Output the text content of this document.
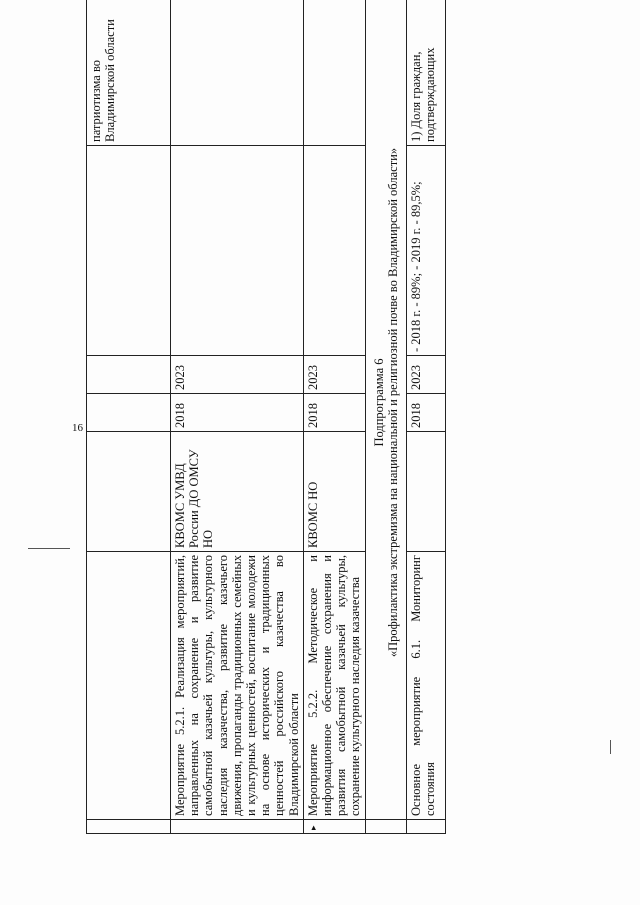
16
						патриотизма во Владимирской области
	Мероприятие 5.2.1. Реализация мероприятий, направленных на сохранение и развитие самобытной казачьей культуры, культурного наследия казачества, развитие казачьего движения, пропаганды традиционных семейных и культурных ценностей, воспитание молодежи на основе исторических и традиционных ценностей российского казачества во Владимирской области	КВОМС УМВД России ДО ОМСУ НО	2018	2023		
▸	Мероприятие 5.2.2. Методическое и информационное обеспечение сохранения и развития самобытной казачьей культуры, сохранение культурного наследия казачества	КВОМС НО	2018	2023		

	Подпрограмма 6 «Профилактика экстремизма на национальной и религиозной почве во Владимирской области»					

	Основное мероприятие 6.1. Мониторинг состояния		2018	2023	- 2018 г. - 89%; - 2019 г. - 89,5%;	1) Доля граждан, подтверждающих
